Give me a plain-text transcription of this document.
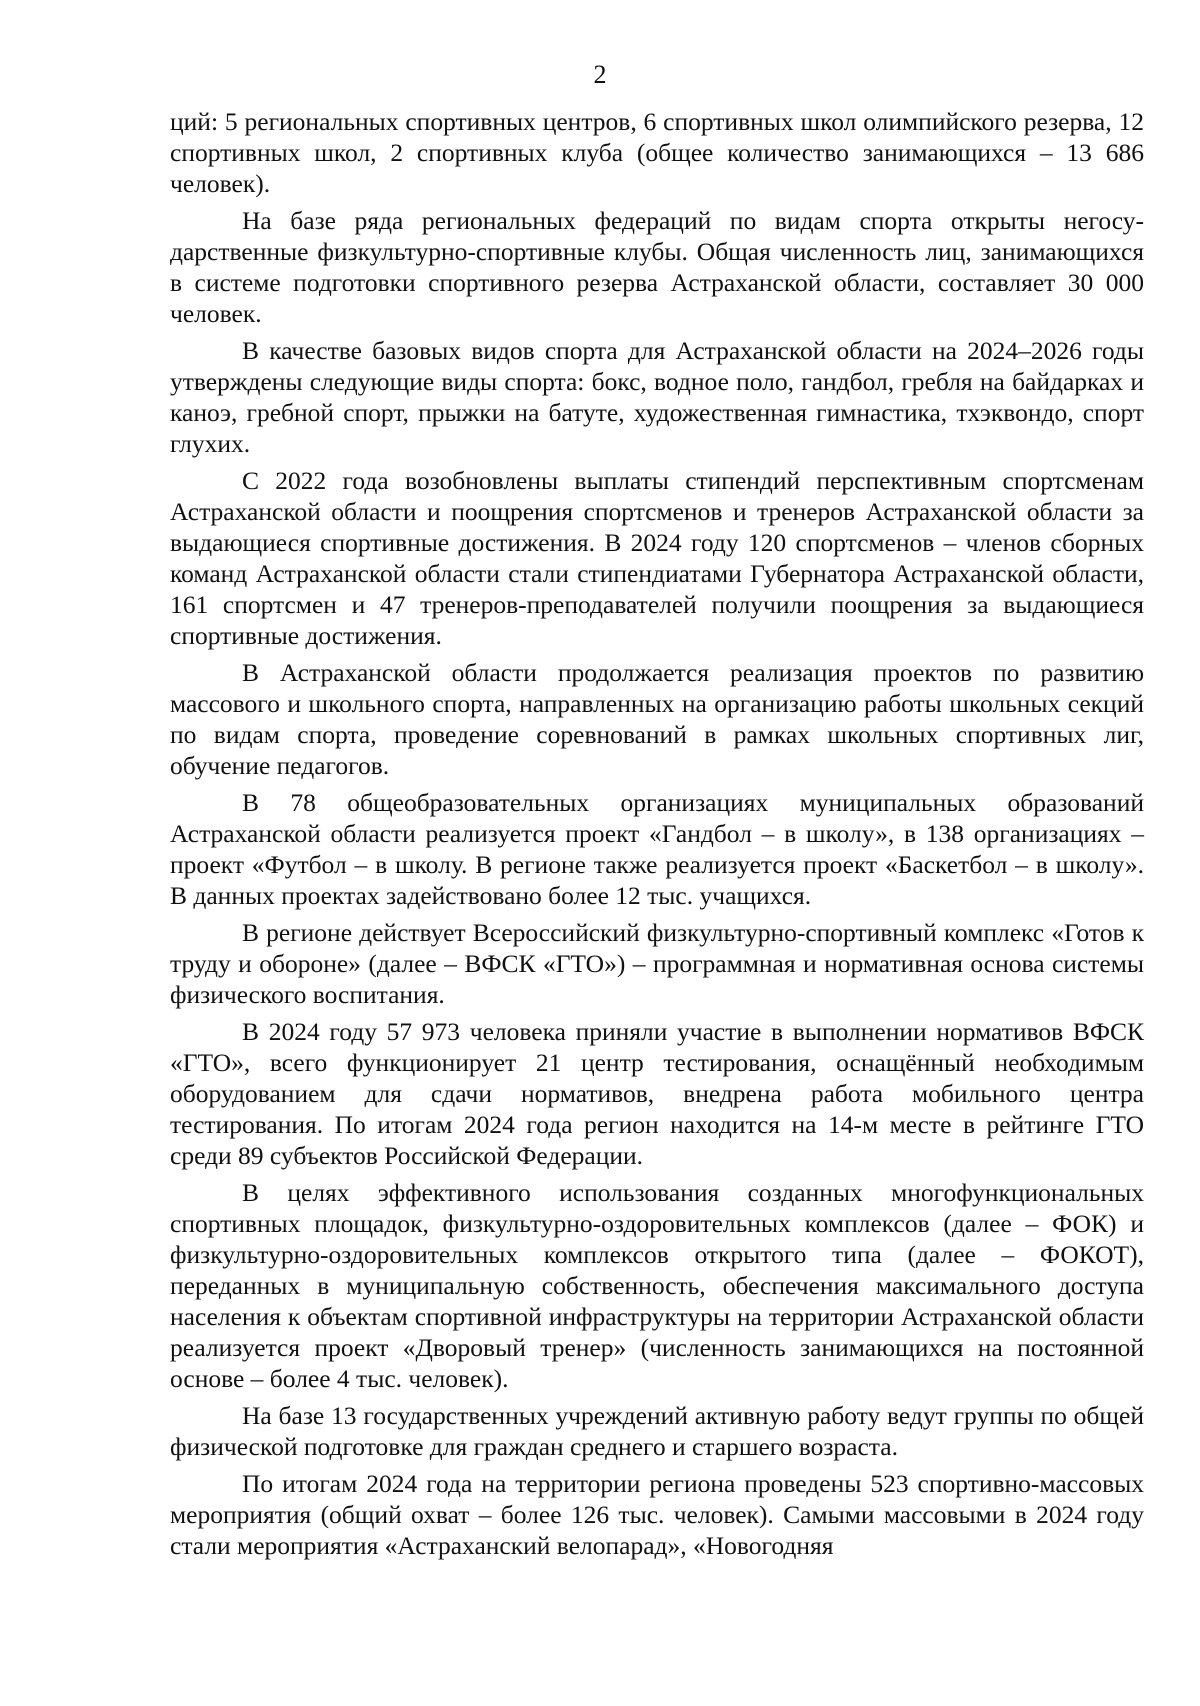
2

ций: 5 региональных спортивных центров, 6 спортивных школ олимпийского резерва, 12 спортивных школ, 2 спортивных клуба (общее количество занимающихся – 13 686 человек).

На базе ряда региональных федераций по видам спорта открыты негосударственные физкультурно-спортивные клубы. Общая численность лиц, занимающихся в системе подготовки спортивного резерва Астраханской области, составляет 30 000 человек.

В качестве базовых видов спорта для Астраханской области на 2024–2026 годы утверждены следующие виды спорта: бокс, водное поло, гандбол, гребля на байдарках и каноэ, гребной спорт, прыжки на батуте, художественная гимнастика, тхэквондо, спорт глухих.

С 2022 года возобновлены выплаты стипендий перспективным спортсменам Астраханской области и поощрения спортсменов и тренеров Астраханской области за выдающиеся спортивные достижения. В 2024 году 120 спортсменов – членов сборных команд Астраханской области стали стипендиатами Губернатора Астраханской области, 161 спортсмен и 47 тренеров-преподавателей получили поощрения за выдающиеся спортивные достижения.

В Астраханской области продолжается реализация проектов по развитию массового и школьного спорта, направленных на организацию работы школьных секций по видам спорта, проведение соревнований в рамках школьных спортивных лиг, обучение педагогов.

В 78 общеобразовательных организациях муниципальных образований Астраханской области реализуется проект «Гандбол – в школу», в 138 организациях – проект «Футбол – в школу. В регионе также реализуется проект «Баскетбол – в школу». В данных проектах задействовано более 12 тыс. учащихся.

В регионе действует Всероссийский физкультурно-спортивный комплекс «Готов к труду и обороне» (далее – ВФСК «ГТО») – программная и нормативная основа системы физического воспитания.

В 2024 году 57 973 человека приняли участие в выполнении нормативов ВФСК «ГТО», всего функционирует 21 центр тестирования, оснащённый необходимым оборудованием для сдачи нормативов, внедрена работа мобильного центра тестирования. По итогам 2024 года регион находится на 14-м месте в рейтинге ГТО среди 89 субъектов Российской Федерации.

В целях эффективного использования созданных многофункциональных спортивных площадок, физкультурно-оздоровительных комплексов (далее – ФОК) и физкультурно-оздоровительных комплексов открытого типа (далее – ФОКОТ), переданных в муниципальную собственность, обеспечения максимального доступа населения к объектам спортивной инфраструктуры на территории Астраханской области реализуется проект «Дворовый тренер» (численность занимающихся на постоянной основе – более 4 тыс. человек).

На базе 13 государственных учреждений активную работу ведут группы по общей физической подготовке для граждан среднего и старшего возраста.

По итогам 2024 года на территории региона проведены 523 спортивно-массовых мероприятия (общий охват – более 126 тыс. человек). Самыми массовыми в 2024 году стали мероприятия «Астраханский велопарад», «Новогодняя
